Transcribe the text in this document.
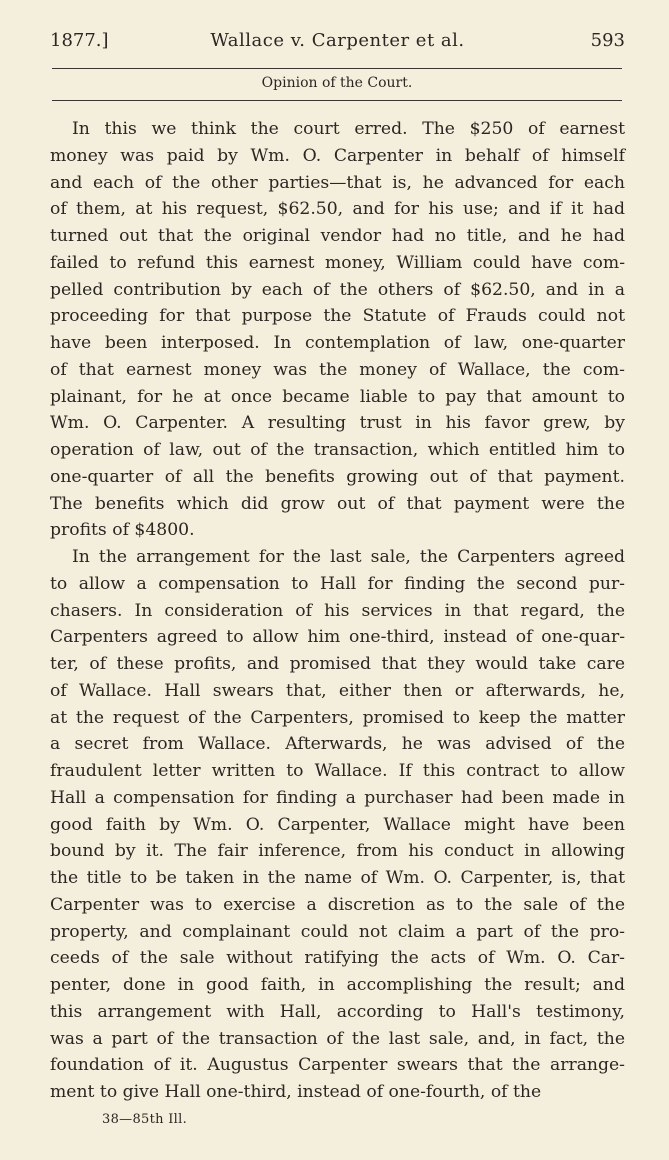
1877.]	Wallace v. Carpenter et al.	593
Opinion of the Court.
In this we think the court erred. The $250 of earnest
money was paid by Wm. O. Carpenter in behalf of himself
and each of the other parties—that is, he advanced for each
of them, at his request, $62.50, and for his use; and if it had
turned out that the original vendor had no title, and he had
failed to refund this earnest money, William could have com-
pelled contribution by each of the others of $62.50, and in a
proceeding for that purpose the Statute of Frauds could not
have been interposed. In contemplation of law, one-quarter
of that earnest money was the money of Wallace, the com-
plainant, for he at once became liable to pay that amount to
Wm. O. Carpenter. A resulting trust in his favor grew, by
operation of law, out of the transaction, which entitled him to
one-quarter of all the benefits growing out of that payment.
The benefits which did grow out of that payment were the
profits of $4800.
In the arrangement for the last sale, the Carpenters agreed
to allow a compensation to Hall for finding the second pur-
chasers. In consideration of his services in that regard, the
Carpenters agreed to allow him one-third, instead of one-quar-
ter, of these profits, and promised that they would take care
of Wallace. Hall swears that, either then or afterwards, he,
at the request of the Carpenters, promised to keep the matter
a secret from Wallace. Afterwards, he was advised of the
fraudulent letter written to Wallace. If this contract to allow
Hall a compensation for finding a purchaser had been made in
good faith by Wm. O. Carpenter, Wallace might have been
bound by it. The fair inference, from his conduct in allowing
the title to be taken in the name of Wm. O. Carpenter, is, that
Carpenter was to exercise a discretion as to the sale of the
property, and complainant could not claim a part of the pro-
ceeds of the sale without ratifying the acts of Wm. O. Car-
penter, done in good faith, in accomplishing the result; and
this arrangement with Hall, according to Hall's testimony,
was a part of the transaction of the last sale, and, in fact, the
foundation of it. Augustus Carpenter swears that the arrange-
ment to give Hall one-third, instead of one-fourth, of the
38—85th Ill.
